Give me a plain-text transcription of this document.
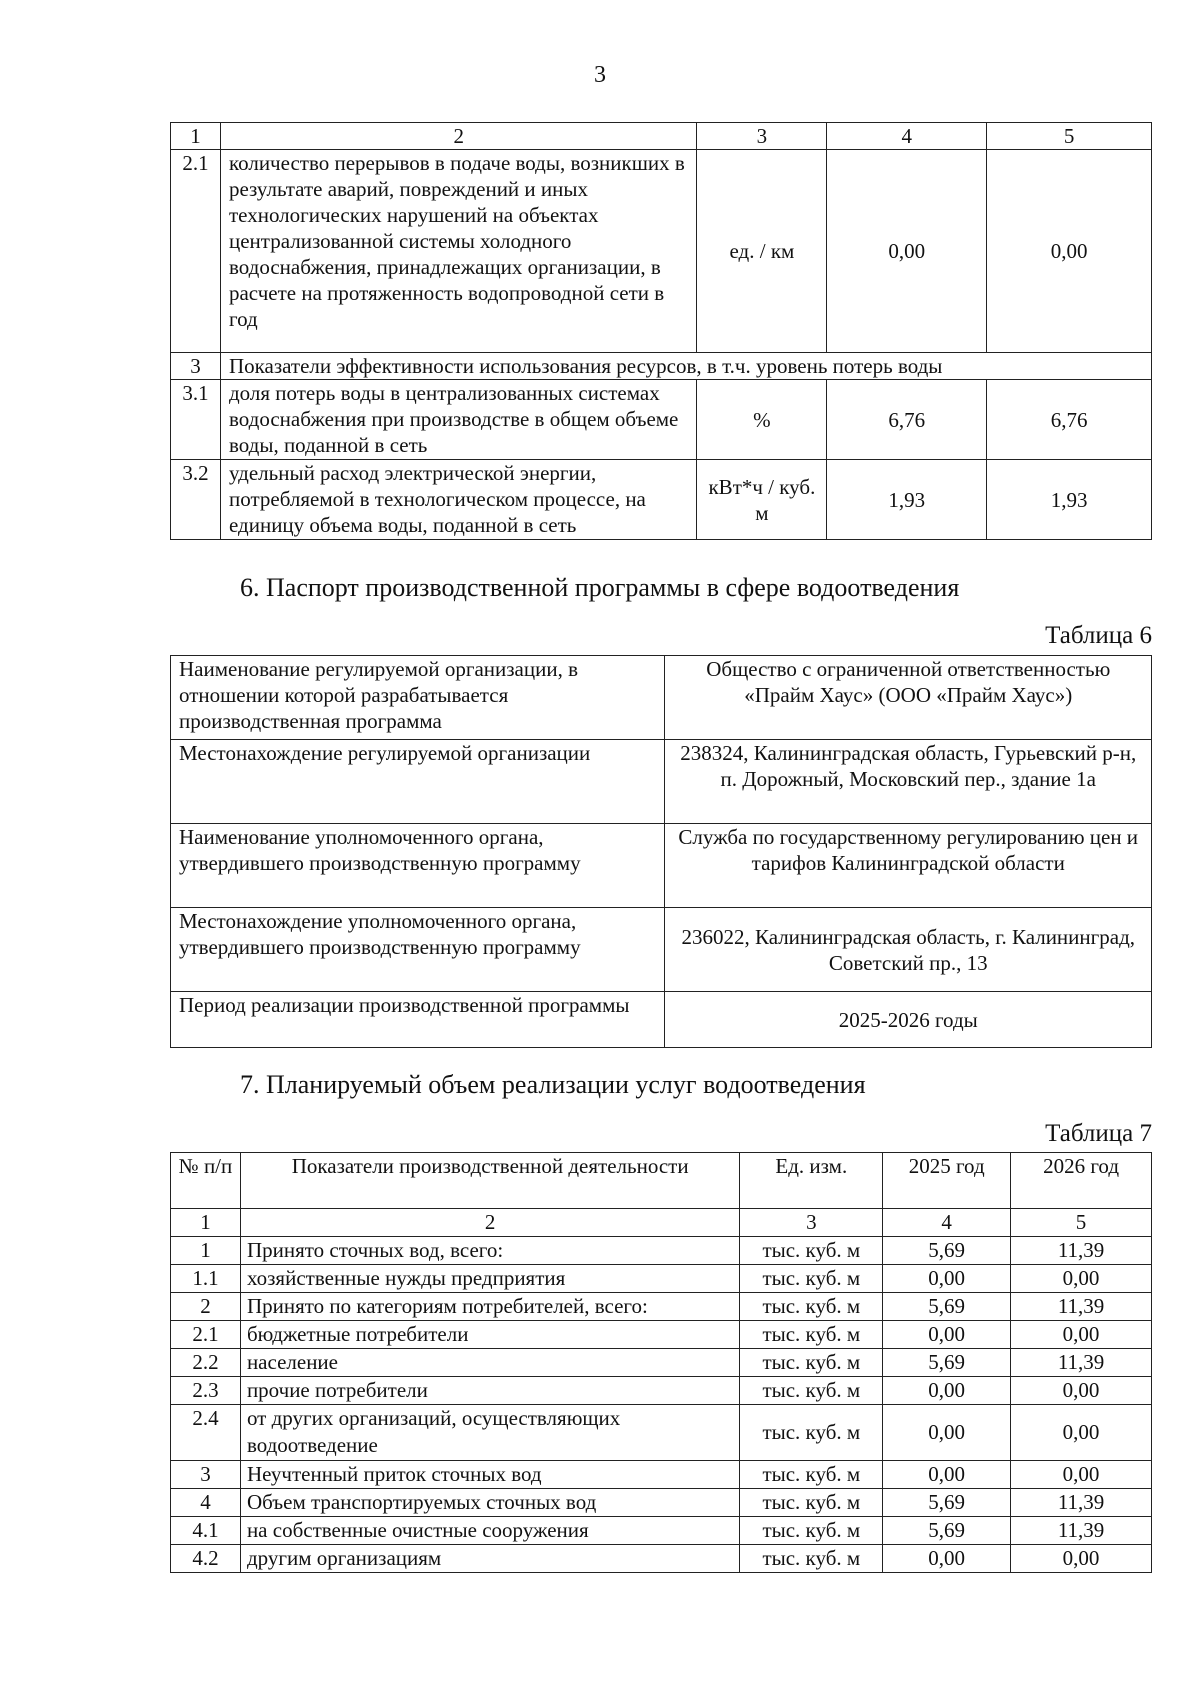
3
1	2	3	4	5
2.1	количество перерывов в подаче воды, возникших в результате аварий, повреждений и иных технологических нарушений на объектах централизованной системы холодного водоснабжения, принадлежащих организации, в расчете на протяженность водопроводной сети в год	ед. / км	0,00	0,00
3	Показатели эффективности использования ресурсов, в т.ч. уровень потерь воды			
3.1	доля потерь воды в централизованных системах водоснабжения при производстве в общем объеме воды, поданной в сеть	%	6,76	6,76
3.2	удельный расход электрической энергии, потребляемой в технологическом процессе, на единицу объема воды, поданной в сеть	кВт*ч / куб. м	1,93	1,93
6. Паспорт производственной программы в сфере водоотведения
Таблица 6
Наименование регулируемой организации, в отношении которой разрабатывается производственная программа	Общество с ограниченной ответственностью «Прайм Хаус» (ООО «Прайм Хаус»)
Местонахождение регулируемой организации	238324, Калининградская область, Гурьевский р-н, п. Дорожный, Московский пер., здание 1а
Наименование уполномоченного органа, утвердившего производственную программу	Служба по государственному регулированию цен и тарифов Калининградской области
Местонахождение уполномоченного органа, утвердившего производственную программу	236022, Калининградская область, г. Калининград, Советский пр., 13
Период реализации производственной программы	2025-2026 годы
7. Планируемый объем реализации услуг водоотведения
Таблица 7
№ п/п	Показатели производственной деятельности	Ед. изм.	2025 год	2026 год
1	2	3	4	5
1	Принято сточных вод, всего:	тыс. куб. м	5,69	11,39
1.1	хозяйственные нужды предприятия	тыс. куб. м	0,00	0,00
2	Принято по категориям потребителей, всего:	тыс. куб. м	5,69	11,39
2.1	бюджетные потребители	тыс. куб. м	0,00	0,00
2.2	население	тыс. куб. м	5,69	11,39
2.3	прочие потребители	тыс. куб. м	0,00	0,00
2.4	от других организаций, осуществляющих водоотведение	тыс. куб. м	0,00	0,00
3	Неучтенный приток сточных вод	тыс. куб. м	0,00	0,00
4	Объем транспортируемых сточных вод	тыс. куб. м	5,69	11,39
4.1	на собственные очистные сооружения	тыс. куб. м	5,69	11,39
4.2	другим организациям	тыс. куб. м	0,00	0,00
